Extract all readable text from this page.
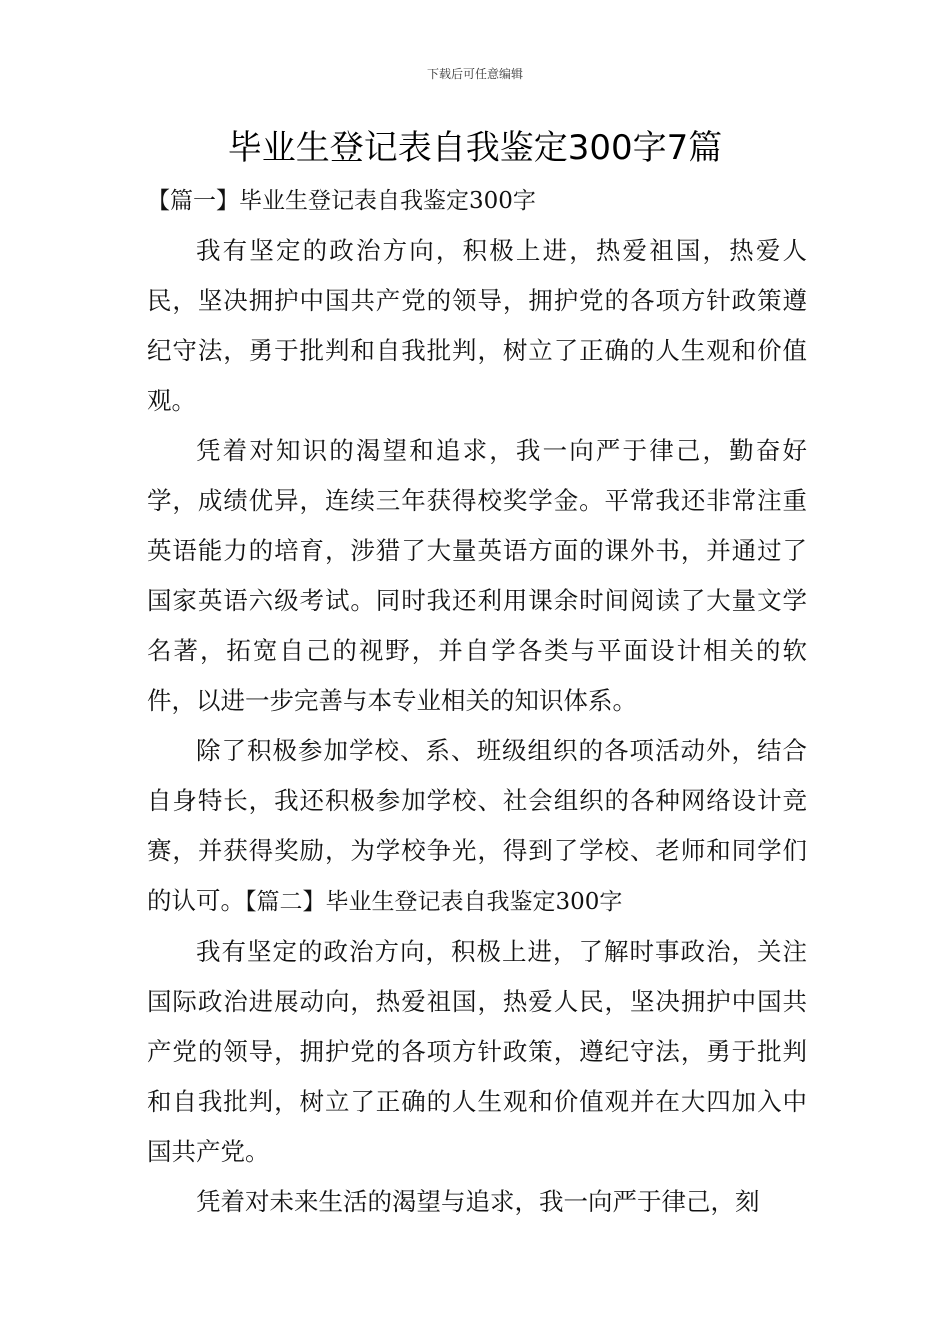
下载后可任意编辑
毕业生登记表自我鉴定300字7篇

【篇一】毕业生登记表自我鉴定300字

我有坚定的政治方向，积极上进，热爱祖国，热爱人民，坚决拥护中国共产党的领导，拥护党的各项方针政策遵纪守法，勇于批判和自我批判，树立了正确的人生观和价值观。

凭着对知识的渴望和追求，我一向严于律己，勤奋好学，成绩优异，连续三年获得校奖学金。平常我还非常注重英语能力的培育，涉猎了大量英语方面的课外书，并通过了国家英语六级考试。同时我还利用课余时间阅读了大量文学名著，拓宽自己的视野，并自学各类与平面设计相关的软件，以进一步完善与本专业相关的知识体系。

除了积极参加学校、系、班级组织的各项活动外，结合自身特长，我还积极参加学校、社会组织的各种网络设计竞赛，并获得奖励，为学校争光，得到了学校、老师和同学们的认可。【篇二】毕业生登记表自我鉴定300字

我有坚定的政治方向，积极上进，了解时事政治，关注国际政治进展动向，热爱祖国，热爱人民，坚决拥护中国共产党的领导，拥护党的各项方针政策，遵纪守法，勇于批判和自我批判，树立了正确的人生观和价值观并在大四加入中国共产党。

凭着对未来生活的渴望与追求，我一向严于律己，刻
